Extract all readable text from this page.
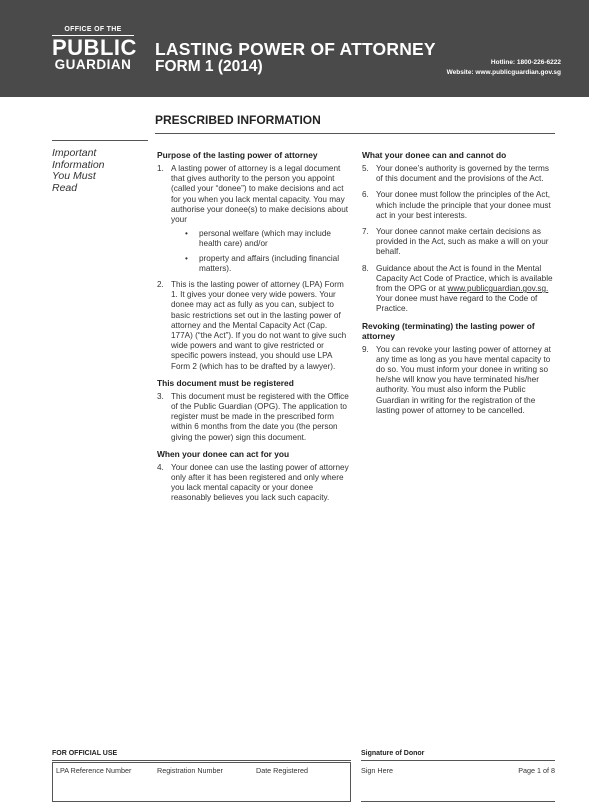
OFFICE OF THE
PUBLIC
GUARDIAN
LASTING POWER OF ATTORNEY
FORM 1 (2014)	Hotline: 1800-226-6222
Website: www.publicguardian.gov.sg
PRESCRIBED INFORMATION
Important
Information
You Must
Read
Purpose of the lasting power of attorney
1. A lasting power of attorney is a legal document that gives authority to the person you appoint (called your “donee”) to make decisions and act for you when you lack mental capacity. You may authorise your donee(s) to make decisions about your
• personal welfare (which may include health care) and/or
• property and affairs (including financial matters).
2. This is the lasting power of attorney (LPA) Form 1. It gives your donee very wide powers. Your donee may act as fully as you can, subject to basic restrictions set out in the lasting power of attorney and the Mental Capacity Act (Cap. 177A) (“the Act”). If you do not want to give such wide powers and want to give restricted or specific powers instead, you should use LPA Form 2 (which has to be drafted by a lawyer).
This document must be registered
3. This document must be registered with the Office of the Public Guardian (OPG). The application to register must be made in the prescribed form within 6 months from the date you (the person giving the power) sign this document.
When your donee can act for you
4. Your donee can use the lasting power of attorney only after it has been registered and only where you lack mental capacity or your donee reasonably believes you lack such capacity.
What your donee can and cannot do
5. Your donee’s authority is governed by the terms of this document and the provisions of the Act.
6. Your donee must follow the principles of the Act, which include the principle that your donee must act in your best interests.
7. Your donee cannot make certain decisions as provided in the Act, such as make a will on your behalf.
8. Guidance about the Act is found in the Mental Capacity Act Code of Practice, which is available from the OPG or at www.publicguardian.gov.sg.
Your donee must have regard to the Code of Practice.
Revoking (terminating) the lasting power of attorney
9. You can revoke your lasting power of attorney at any time as long as you have mental capacity to do so. You must inform your donee in writing so he/she will know you have terminated his/her authority. You must also inform the Public Guardian in writing for the registration of the lasting power of attorney to be cancelled.
FOR OFFICIAL USE
LPA Reference Number	Registration Number	Date Registered
Signature of Donor
Sign Here	Page 1 of 8
